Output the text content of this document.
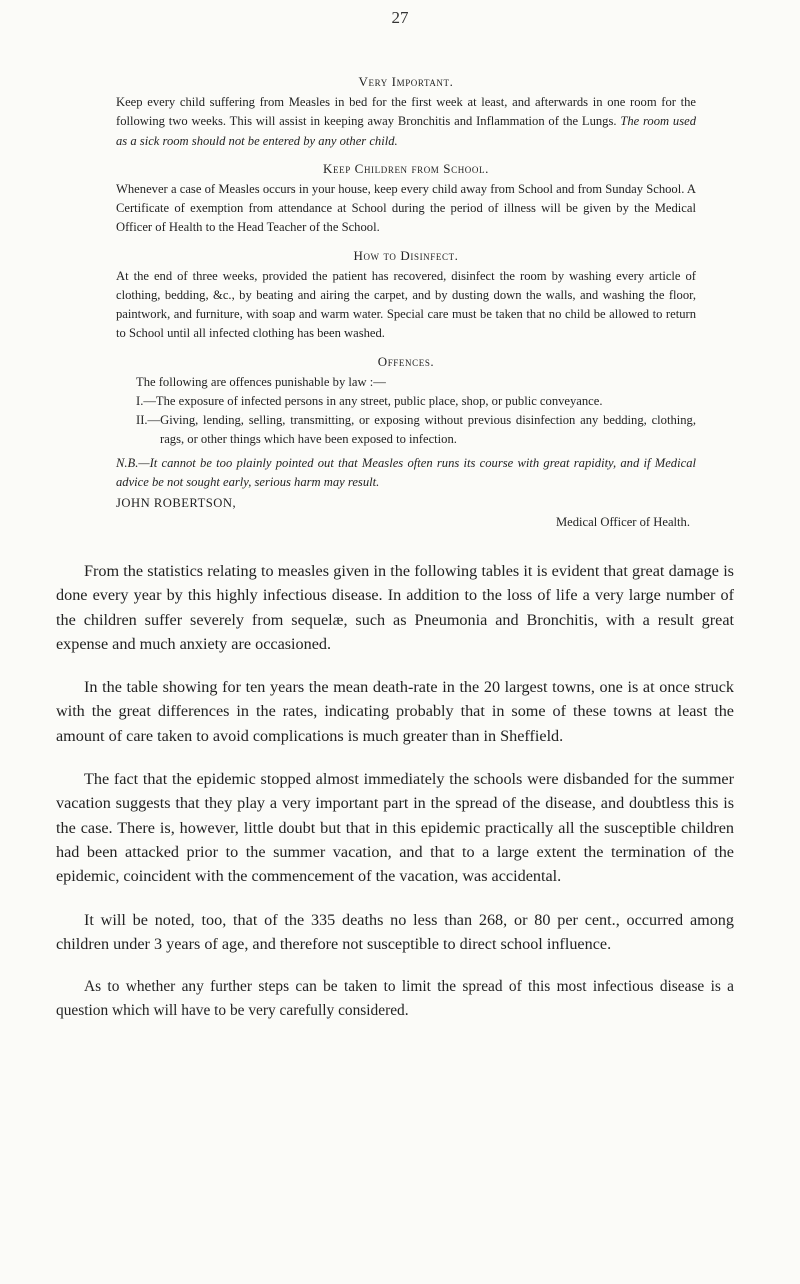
27
Very Important.

Keep every child suffering from Measles in bed for the first week at least, and afterwards in one room for the following two weeks. This will assist in keeping away Bronchitis and Inflammation of the Lungs. The room used as a sick room should not be entered by any other child.

Keep Children from School.

Whenever a case of Measles occurs in your house, keep every child away from School and from Sunday School. A Certificate of exemption from attendance at School during the period of illness will be given by the Medical Officer of Health to the Head Teacher of the School.

How to Disinfect.

At the end of three weeks, provided the patient has recovered, disinfect the room by washing every article of clothing, bedding, &c., by beating and airing the carpet, and by dusting down the walls, and washing the floor, paintwork, and furniture, with soap and warm water. Special care must be taken that no child be allowed to return to School until all infected clothing has been washed.

Offences.

The following are offences punishable by law :—

I.—The exposure of infected persons in any street, public place, shop, or public conveyance.

II.—Giving, lending, selling, transmitting, or exposing without previous disinfection any bedding, clothing, rags, or other things which have been exposed to infection.

N.B.—It cannot be too plainly pointed out that Measles often runs its course with great rapidity, and if Medical advice be not sought early, serious harm may result.

JOHN ROBERTSON,

Medical Officer of Health.

From the statistics relating to measles given in the following tables it is evident that great damage is done every year by this highly infectious disease. In addition to the loss of life a very large number of the children suffer severely from sequelæ, such as Pneumonia and Bronchitis, with a result great expense and much anxiety are occasioned.

In the table showing for ten years the mean death-rate in the 20 largest towns, one is at once struck with the great differences in the rates, indicating probably that in some of these towns at least the amount of care taken to avoid complications is much greater than in Sheffield.

The fact that the epidemic stopped almost immediately the schools were disbanded for the summer vacation suggests that they play a very important part in the spread of the disease, and doubtless this is the case. There is, however, little doubt but that in this epidemic practically all the susceptible children had been attacked prior to the summer vacation, and that to a large extent the termination of the epidemic, coincident with the commencement of the vacation, was accidental.

It will be noted, too, that of the 335 deaths no less than 268, or 80 per cent., occurred among children under 3 years of age, and therefore not susceptible to direct school influence.

As to whether any further steps can be taken to limit the spread of this most infectious disease is a question which will have to be very carefully considered.
